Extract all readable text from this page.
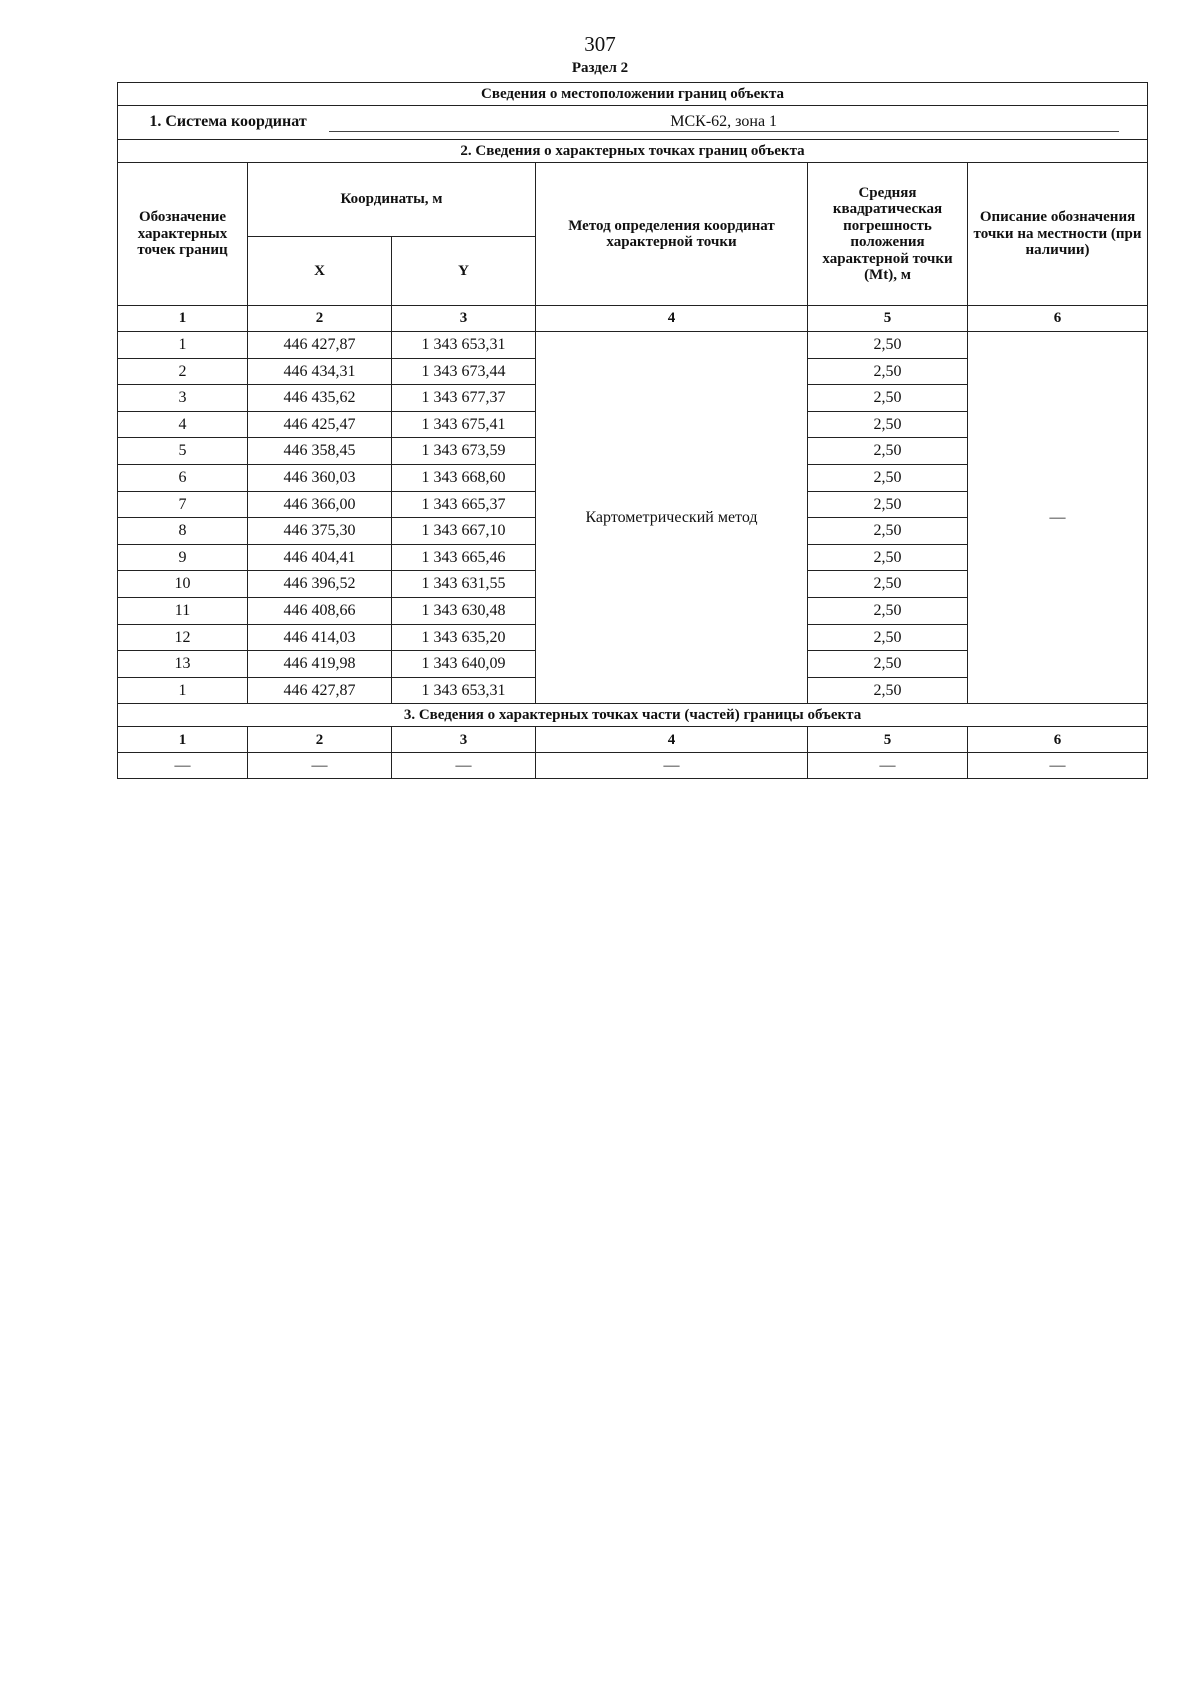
307
Раздел 2
Сведения о местоположении границ объекта					
1. Система координат МСК-62, зона 1					
2. Сведения о характерных точках границ объекта					
Обозначение характерных точек границ	Координаты, м		Метод определения координат характерной точки	Средняя квадратическая погрешность положения характерной точки (Mt), м	Описание обозначения точки на местности (при наличии)
	X	Y			
1	2	3	4	5	6
1	446 427,87	1 343 653,31	Картометрический метод	2,50	—
2	446 434,31	1 343 673,44		2,50	
3	446 435,62	1 343 677,37		2,50	
4	446 425,47	1 343 675,41		2,50	
5	446 358,45	1 343 673,59		2,50	
6	446 360,03	1 343 668,60		2,50	
7	446 366,00	1 343 665,37		2,50	
8	446 375,30	1 343 667,10		2,50	
9	446 404,41	1 343 665,46		2,50	
10	446 396,52	1 343 631,55		2,50	
11	446 408,66	1 343 630,48		2,50	
12	446 414,03	1 343 635,20		2,50	
13	446 419,98	1 343 640,09		2,50	
1	446 427,87	1 343 653,31		2,50	
3. Сведения о характерных точках части (частей) границы объекта					
1	2	3	4	5	6
—	—	—	—	—	—
